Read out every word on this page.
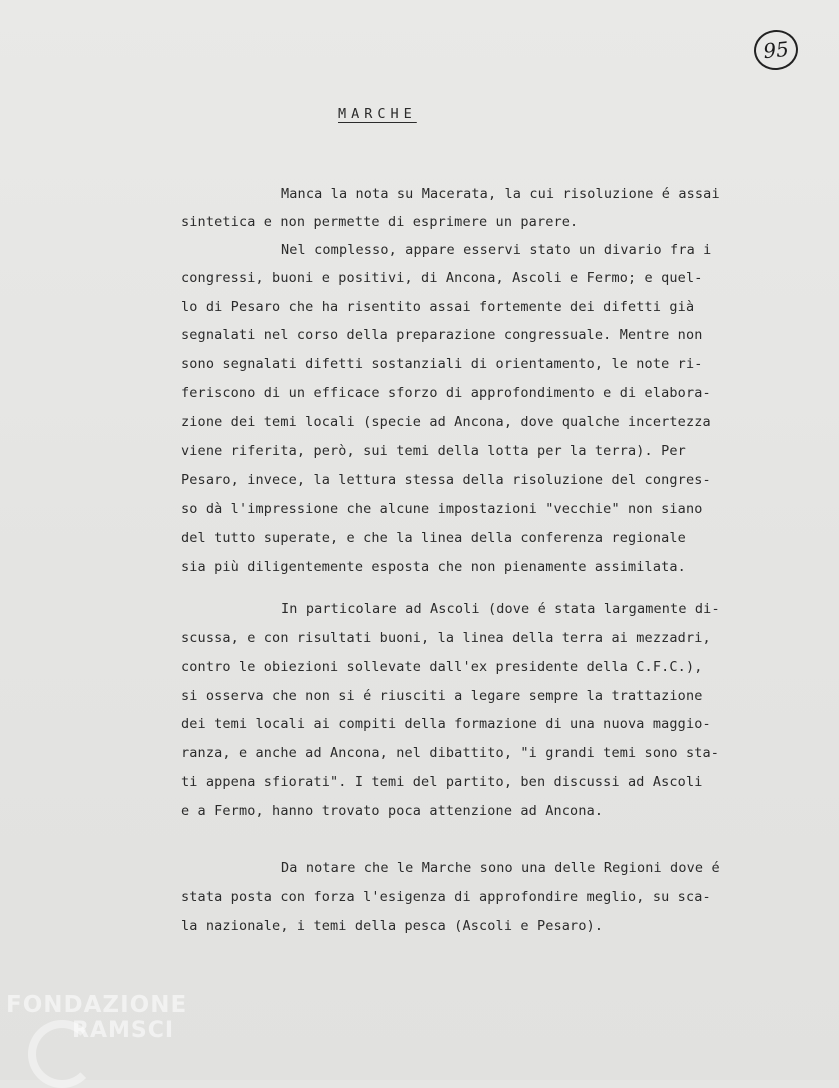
95
MARCHE
Manca la nota su Macerata, la cui risoluzione é assai
sintetica e non permette di esprimere un parere.
Nel complesso, appare esservi stato un divario fra i
congressi, buoni e positivi, di Ancona, Ascoli e Fermo; e quel-
lo di Pesaro che ha risentito assai fortemente dei difetti già
segnalati nel corso della preparazione congressuale. Mentre non
sono segnalati difetti sostanziali di orientamento, le note ri-
feriscono di un efficace sforzo di approfondimento e di elabora-
zione dei temi locali (specie ad Ancona, dove qualche incertezza
viene riferita, però, sui temi della lotta per la terra). Per
Pesaro, invece, la lettura stessa della risoluzione del congres-
so dà l'impressione che alcune impostazioni "vecchie" non siano
del tutto superate, e che la linea della conferenza regionale
sia più diligentemente esposta che non pienamente assimilata.
In particolare ad Ascoli (dove é stata largamente di-
scussa, e con risultati buoni, la linea della terra ai mezzadri,
contro le obiezioni sollevate dall'ex presidente della C.F.C.),
si osserva che non si é riusciti a legare sempre la trattazione
dei temi locali ai compiti della formazione di una nuova maggio-
ranza, e anche ad Ancona, nel dibattito, "i grandi temi sono sta-
ti appena sfiorati". I temi del partito, ben discussi ad Ascoli
e a Fermo, hanno trovato poca attenzione ad Ancona.
Da notare che le Marche sono una delle Regioni dove é
stata posta con forza l'esigenza di approfondire meglio, su sca-
la nazionale, i temi della pesca (Ascoli e Pesaro).
FONDAZIONE
RAMSCI
